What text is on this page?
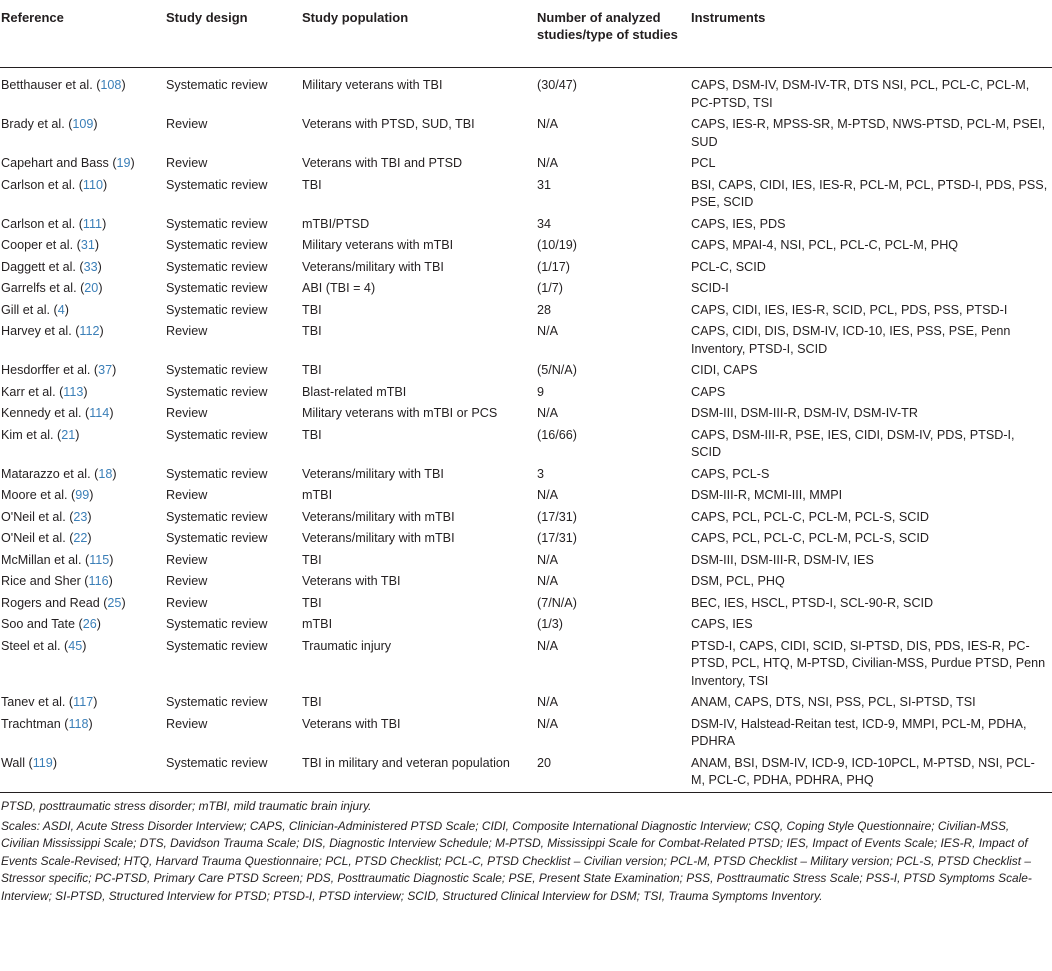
Reference	Study design	Study population	Number of analyzed studies/type of studies	Instruments
Betthauser et al. (108)	Systematic review	Military veterans with TBI	(30/47)	CAPS, DSM-IV, DSM-IV-TR, DTS NSI, PCL, PCL-C, PCL-M, PC-PTSD, TSI
Brady et al. (109)	Review	Veterans with PTSD, SUD, TBI	N/A	CAPS, IES-R, MPSS-SR, M-PTSD, NWS-PTSD, PCL-M, PSEI, SUD
Capehart and Bass (19)	Review	Veterans with TBI and PTSD	N/A	PCL
Carlson et al. (110)	Systematic review	TBI	31	BSI, CAPS, CIDI, IES, IES-R, PCL-M, PCL, PTSD-I, PDS, PSS, PSE, SCID
Carlson et al. (111)	Systematic review	mTBI/PTSD	34	CAPS, IES, PDS
Cooper et al. (31)	Systematic review	Military veterans with mTBI	(10/19)	CAPS, MPAI-4, NSI, PCL, PCL-C, PCL-M, PHQ
Daggett et al. (33)	Systematic review	Veterans/military with TBI	(1/17)	PCL-C, SCID
Garrelfs et al. (20)	Systematic review	ABI (TBI = 4)	(1/7)	SCID-I
Gill et al. (4)	Systematic review	TBI	28	CAPS, CIDI, IES, IES-R, SCID, PCL, PDS, PSS, PTSD-I
Harvey et al. (112)	Review	TBI	N/A	CAPS, CIDI, DIS, DSM-IV, ICD-10, IES, PSS, PSE, Penn Inventory, PTSD-I, SCID
Hesdorffer et al. (37)	Systematic review	TBI	(5/N/A)	CIDI, CAPS
Karr et al. (113)	Systematic review	Blast-related mTBI	9	CAPS
Kennedy et al. (114)	Review	Military veterans with mTBI or PCS	N/A	DSM-III, DSM-III-R, DSM-IV, DSM-IV-TR
Kim et al. (21)	Systematic review	TBI	(16/66)	CAPS, DSM-III-R, PSE, IES, CIDI, DSM-IV, PDS, PTSD-I, SCID
Matarazzo et al. (18)	Systematic review	Veterans/military with TBI	3	CAPS, PCL-S
Moore et al. (99)	Review	mTBI	N/A	DSM-III-R, MCMI-III, MMPI
O'Neil et al. (23)	Systematic review	Veterans/military with mTBI	(17/31)	CAPS, PCL, PCL-C, PCL-M, PCL-S, SCID
O'Neil et al. (22)	Systematic review	Veterans/military with mTBI	(17/31)	CAPS, PCL, PCL-C, PCL-M, PCL-S, SCID
McMillan et al. (115)	Review	TBI	N/A	DSM-III, DSM-III-R, DSM-IV, IES
Rice and Sher (116)	Review	Veterans with TBI	N/A	DSM, PCL, PHQ
Rogers and Read (25)	Review	TBI	(7/N/A)	BEC, IES, HSCL, PTSD-I, SCL-90-R, SCID
Soo and Tate (26)	Systematic review	mTBI	(1/3)	CAPS, IES
Steel et al. (45)	Systematic review	Traumatic injury	N/A	PTSD-I, CAPS, CIDI, SCID, SI-PTSD, DIS, PDS, IES-R, PC-PTSD, PCL, HTQ, M-PTSD, Civilian-MSS, Purdue PTSD, Penn Inventory, TSI
Tanev et al. (117)	Systematic review	TBI	N/A	ANAM, CAPS, DTS, NSI, PSS, PCL, SI-PTSD, TSI
Trachtman (118)	Review	Veterans with TBI	N/A	DSM-IV, Halstead-Reitan test, ICD-9, MMPI, PCL-M, PDHA, PDHRA
Wall (119)	Systematic review	TBI in military and veteran population	20	ANAM, BSI, DSM-IV, ICD-9, ICD-10PCL, M-PTSD, NSI, PCL-M, PCL-C, PDHA, PDHRA, PHQ

PTSD, posttraumatic stress disorder; mTBI, mild traumatic brain injury.

Scales: ASDI, Acute Stress Disorder Interview; CAPS, Clinician-Administered PTSD Scale; CIDI, Composite International Diagnostic Interview; CSQ, Coping Style Questionnaire; Civilian-MSS, Civilian Mississippi Scale; DTS, Davidson Trauma Scale; DIS, Diagnostic Interview Schedule; M-PTSD, Mississippi Scale for Combat-Related PTSD; IES, Impact of Events Scale; IES-R, Impact of Events Scale-Revised; HTQ, Harvard Trauma Questionnaire; PCL, PTSD Checklist; PCL-C, PTSD Checklist – Civilian version; PCL-M, PTSD Checklist – Military version; PCL-S, PTSD Checklist – Stressor specific; PC-PTSD, Primary Care PTSD Screen; PDS, Posttraumatic Diagnostic Scale; PSE, Present State Examination; PSS, Posttraumatic Stress Scale; PSS-I, PTSD Symptoms Scale-Interview; SI-PTSD, Structured Interview for PTSD; PTSD-I, PTSD interview; SCID, Structured Clinical Interview for DSM; TSI, Trauma Symptoms Inventory.
